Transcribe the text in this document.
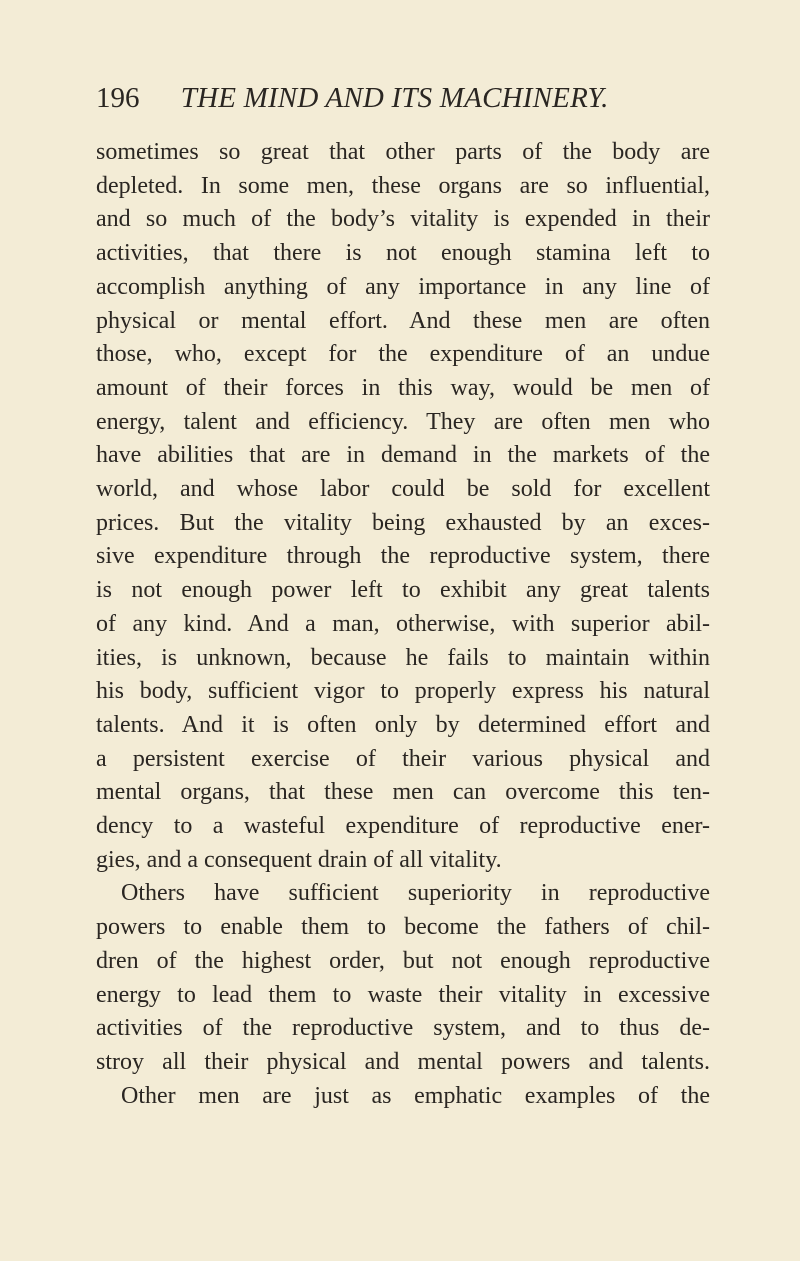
196 THE MIND AND ITS MACHINERY.
sometimes so great that other parts of the body are
depleted. In some men, these organs are so influential,
and so much of the body’s vitality is expended in their
activities, that there is not enough stamina left to
accomplish anything of any importance in any line of
physical or mental effort. And these men are often
those, who, except for the expenditure of an undue
amount of their forces in this way, would be men of
energy, talent and efficiency. They are often men who
have abilities that are in demand in the markets of the
world, and whose labor could be sold for excellent
prices. But the vitality being exhausted by an exces-
sive expenditure through the reproductive system, there
is not enough power left to exhibit any great talents
of any kind. And a man, otherwise, with superior abil-
ities, is unknown, because he fails to maintain within
his body, sufficient vigor to properly express his natural
talents. And it is often only by determined effort and
a persistent exercise of their various physical and
mental organs, that these men can overcome this ten-
dency to a wasteful expenditure of reproductive ener-
gies, and a consequent drain of all vitality.
Others have sufficient superiority in reproductive
powers to enable them to become the fathers of chil-
dren of the highest order, but not enough reproductive
energy to lead them to waste their vitality in excessive
activities of the reproductive system, and to thus de-
stroy all their physical and mental powers and talents.
Other men are just as emphatic examples of the
